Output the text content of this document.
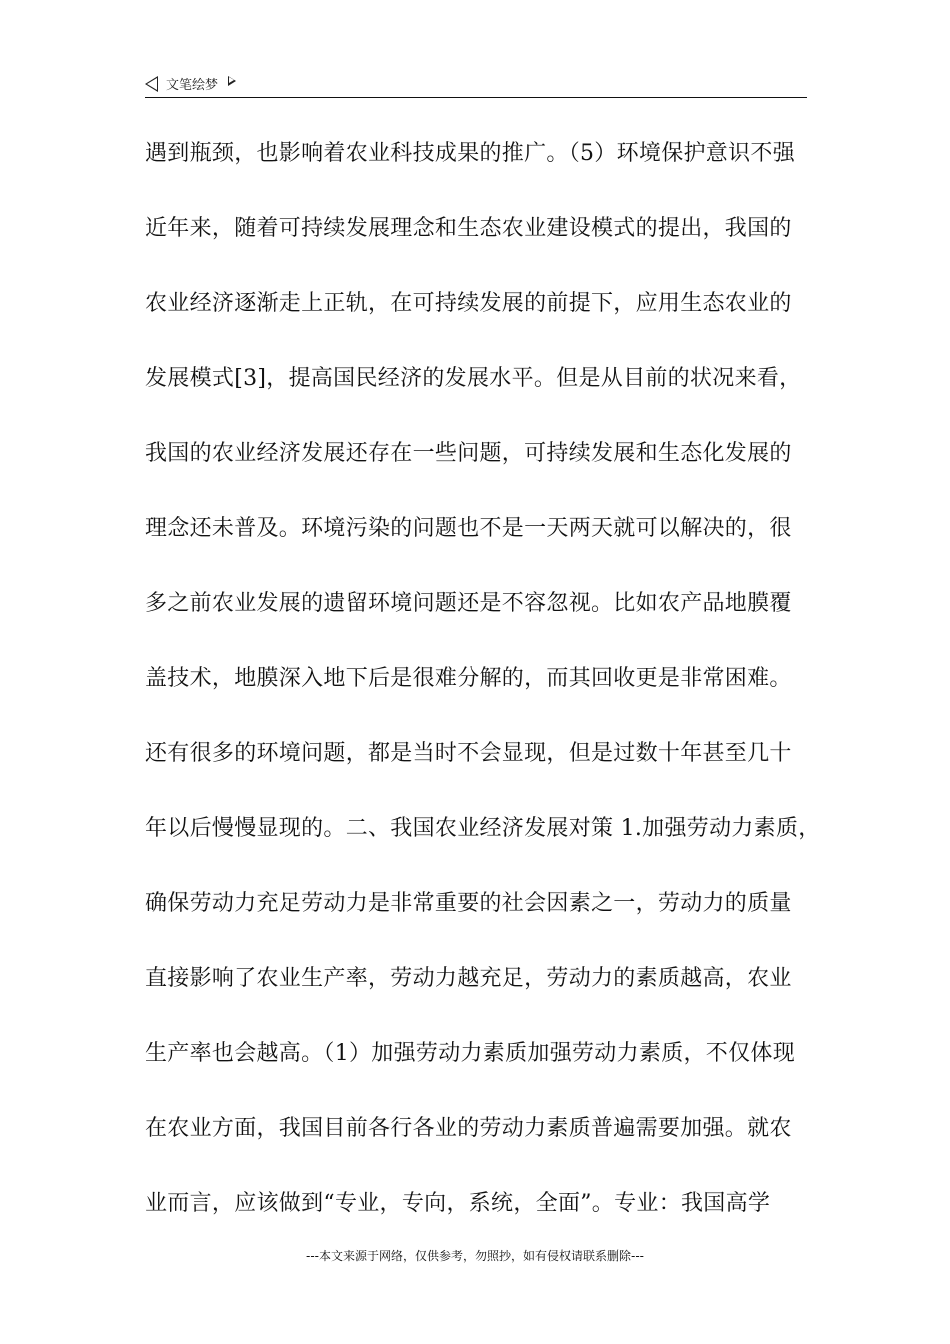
文笔绘梦
遇到瓶颈，也影响着农业科技成果的推广。（5）环境保护意识不强
近年来，随着可持续发展理念和生态农业建设模式的提出，我国的
农业经济逐渐走上正轨，在可持续发展的前提下，应用生态农业的
发展模式[3]，提高国民经济的发展水平。但是从目前的状况来看，
我国的农业经济发展还存在一些问题，可持续发展和生态化发展的
理念还未普及。环境污染的问题也不是一天两天就可以解决的，很
多之前农业发展的遗留环境问题还是不容忽视。比如农产品地膜覆
盖技术，地膜深入地下后是很难分解的，而其回收更是非常困难。
还有很多的环境问题，都是当时不会显现，但是过数十年甚至几十
年以后慢慢显现的。二、我国农业经济发展对策 1.加强劳动力素质，
确保劳动力充足劳动力是非常重要的社会因素之一，劳动力的质量
直接影响了农业生产率，劳动力越充足，劳动力的素质越高，农业
生产率也会越高。（1）加强劳动力素质加强劳动力素质，不仅体现
在农业方面，我国目前各行各业的劳动力素质普遍需要加强。就农
业而言，应该做到“专业，专向，系统，全面”。专业：我国高学
---本文来源于网络，仅供参考，勿照抄，如有侵权请联系删除---
